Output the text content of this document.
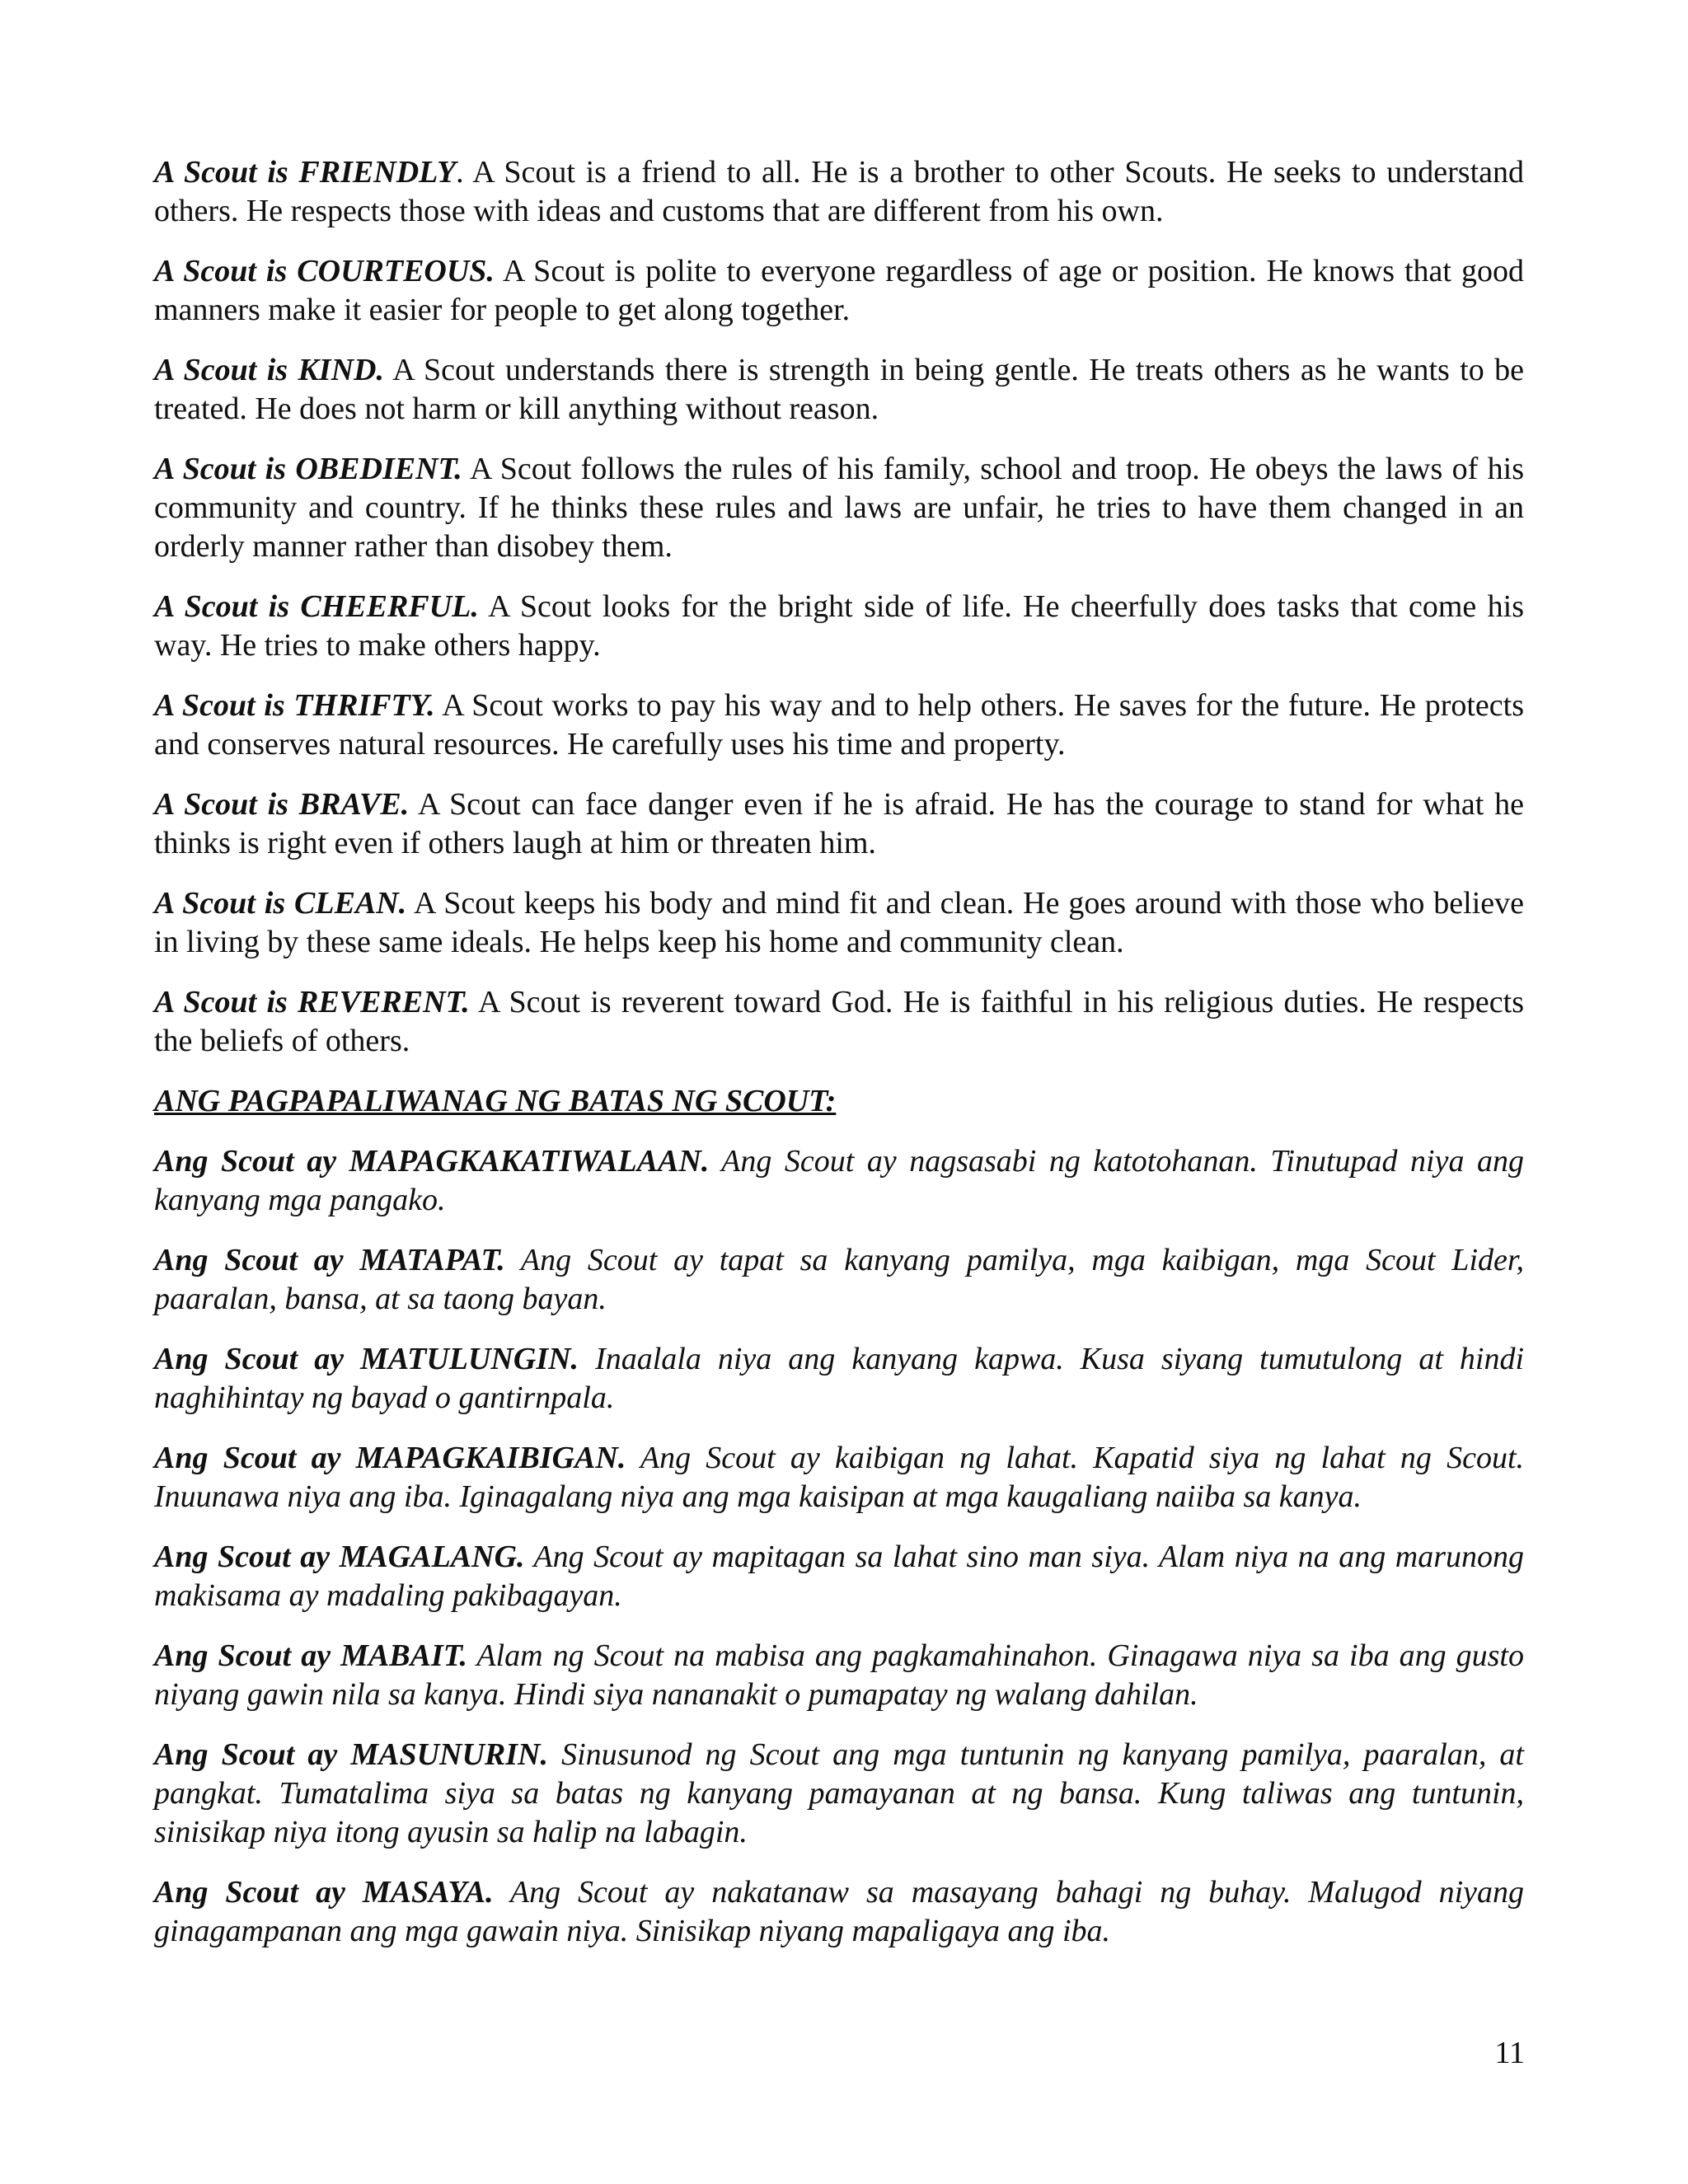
A Scout is FRIENDLY. A Scout is a friend to all. He is a brother to other Scouts. He seeks to understand others. He respects those with ideas and customs that are different from his own.

A Scout is COURTEOUS. A Scout is polite to everyone regardless of age or position. He knows that good manners make it easier for people to get along together.

A Scout is KIND. A Scout understands there is strength in being gentle. He treats others as he wants to be treated. He does not harm or kill anything without reason.

A Scout is OBEDIENT. A Scout follows the rules of his family, school and troop. He obeys the laws of his community and country. If he thinks these rules and laws are unfair, he tries to have them changed in an orderly manner rather than disobey them.

A Scout is CHEERFUL. A Scout looks for the bright side of life. He cheerfully does tasks that come his way. He tries to make others happy.

A Scout is THRIFTY. A Scout works to pay his way and to help others. He saves for the future. He protects and conserves natural resources. He carefully uses his time and property.

A Scout is BRAVE. A Scout can face danger even if he is afraid. He has the courage to stand for what he thinks is right even if others laugh at him or threaten him.

A Scout is CLEAN. A Scout keeps his body and mind fit and clean. He goes around with those who believe in living by these same ideals. He helps keep his home and community clean.

A Scout is REVERENT. A Scout is reverent toward God. He is faithful in his religious duties. He respects the beliefs of others.

ANG PAGPAPALIWANAG NG BATAS NG SCOUT:

Ang Scout ay MAPAGKAKATIWALAAN. Ang Scout ay nagsasabi ng katotohanan. Tinutupad niya ang kanyang mga pangako.

Ang Scout ay MATAPAT. Ang Scout ay tapat sa kanyang pamilya, mga kaibigan, mga Scout Lider, paaralan, bansa, at sa taong bayan.

Ang Scout ay MATULUNGIN. Inaalala niya ang kanyang kapwa. Kusa siyang tumutulong at hindi naghihintay ng bayad o gantirnpala.

Ang Scout ay MAPAGKAIBIGAN. Ang Scout ay kaibigan ng lahat. Kapatid siya ng lahat ng Scout. Inuunawa niya ang iba. Iginagalang niya ang mga kaisipan at mga kaugaliang naiiba sa kanya.

Ang Scout ay MAGALANG. Ang Scout ay mapitagan sa lahat sino man siya. Alam niya na ang marunong makisama ay madaling pakibagayan.

Ang Scout ay MABAIT. Alam ng Scout na mabisa ang pagkamahinahon. Ginagawa niya sa iba ang gusto niyang gawin nila sa kanya. Hindi siya nananakit o pumapatay ng walang dahilan.

Ang Scout ay MASUNURIN. Sinusunod ng Scout ang mga tuntunin ng kanyang pamilya, paaralan, at pangkat. Tumatalima siya sa batas ng kanyang pamayanan at ng bansa. Kung taliwas ang tuntunin, sinisikap niya itong ayusin sa halip na labagin.

Ang Scout ay MASAYA. Ang Scout ay nakatanaw sa masayang bahagi ng buhay. Malugod niyang ginagampanan ang mga gawain niya. Sinisikap niyang mapaligaya ang iba.

11
